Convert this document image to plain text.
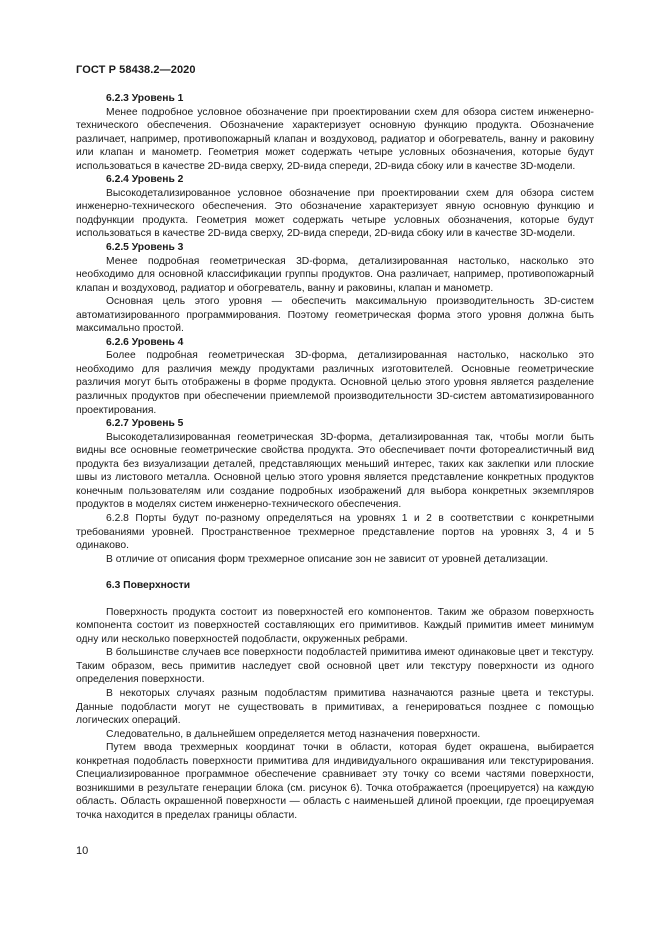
ГОСТ Р 58438.2—2020

6.2.3 Уровень 1

Менее подробное условное обозначение при проектировании схем для обзора систем инженерно-технического обеспечения. Обозначение характеризует основную функцию продукта. Обозначение различает, например, противопожарный клапан и воздуховод, радиатор и обогреватель, ванну и раковину или клапан и манометр. Геометрия может содержать четыре условных обозначения, которые будут использоваться в качестве 2D-вида сверху, 2D-вида спереди, 2D-вида сбоку или в качестве 3D-модели.

6.2.4 Уровень 2

Высокодетализированное условное обозначение при проектировании схем для обзора систем инженерно-технического обеспечения. Это обозначение характеризует явную основную функцию и подфункции продукта. Геометрия может содержать четыре условных обозначения, которые будут использоваться в качестве 2D-вида сверху, 2D-вида спереди, 2D-вида сбоку или в качестве 3D-модели.

6.2.5 Уровень 3

Менее подробная геометрическая 3D-форма, детализированная настолько, насколько это необходимо для основной классификации группы продуктов. Она различает, например, противопожарный клапан и воздуховод, радиатор и обогреватель, ванну и раковины, клапан и манометр.

Основная цель этого уровня — обеспечить максимальную производительность 3D-систем автоматизированного программирования. Поэтому геометрическая форма этого уровня должна быть максимально простой.

6.2.6 Уровень 4

Более подробная геометрическая 3D-форма, детализированная настолько, насколько это необходимо для различия между продуктами различных изготовителей. Основные геометрические различия могут быть отображены в форме продукта. Основной целью этого уровня является разделение различных продуктов при обеспечении приемлемой производительности 3D-систем автоматизированного проектирования.

6.2.7 Уровень 5

Высокодетализированная геометрическая 3D-форма, детализированная так, чтобы могли быть видны все основные геометрические свойства продукта. Это обеспечивает почти фотореалистичный вид продукта без визуализации деталей, представляющих меньший интерес, таких как заклепки или плоские швы из листового металла. Основной целью этого уровня является представление конкретных продуктов конечным пользователям или создание подробных изображений для выбора конкретных экземпляров продуктов в моделях систем инженерно-технического обеспечения.

6.2.8 Порты будут по-разному определяться на уровнях 1 и 2 в соответствии с конкретными требованиями уровней. Пространственное трехмерное представление портов на уровнях 3, 4 и 5 одинаково.

В отличие от описания форм трехмерное описание зон не зависит от уровней детализации.

6.3 Поверхности

Поверхность продукта состоит из поверхностей его компонентов. Таким же образом поверхность компонента состоит из поверхностей составляющих его примитивов. Каждый примитив имеет минимум одну или несколько поверхностей подобласти, окруженных ребрами.

В большинстве случаев все поверхности подобластей примитива имеют одинаковые цвет и текстуру. Таким образом, весь примитив наследует свой основной цвет или текстуру поверхности из одного определения поверхности.

В некоторых случаях разным подобластям примитива назначаются разные цвета и текстуры. Данные подобласти могут не существовать в примитивах, а генерироваться позднее с помощью логических операций.

Следовательно, в дальнейшем определяется метод назначения поверхности.

Путем ввода трехмерных координат точки в области, которая будет окрашена, выбирается конкретная подобласть поверхности примитива для индивидуального окрашивания или текстурирования. Специализированное программное обеспечение сравнивает эту точку со всеми частями поверхности, возникшими в результате генерации блока (см. рисунок 6). Точка отображается (проецируется) на каждую область. Область окрашенной поверхности — область с наименьшей длиной проекции, где проецируемая точка находится в пределах границы области.

10
